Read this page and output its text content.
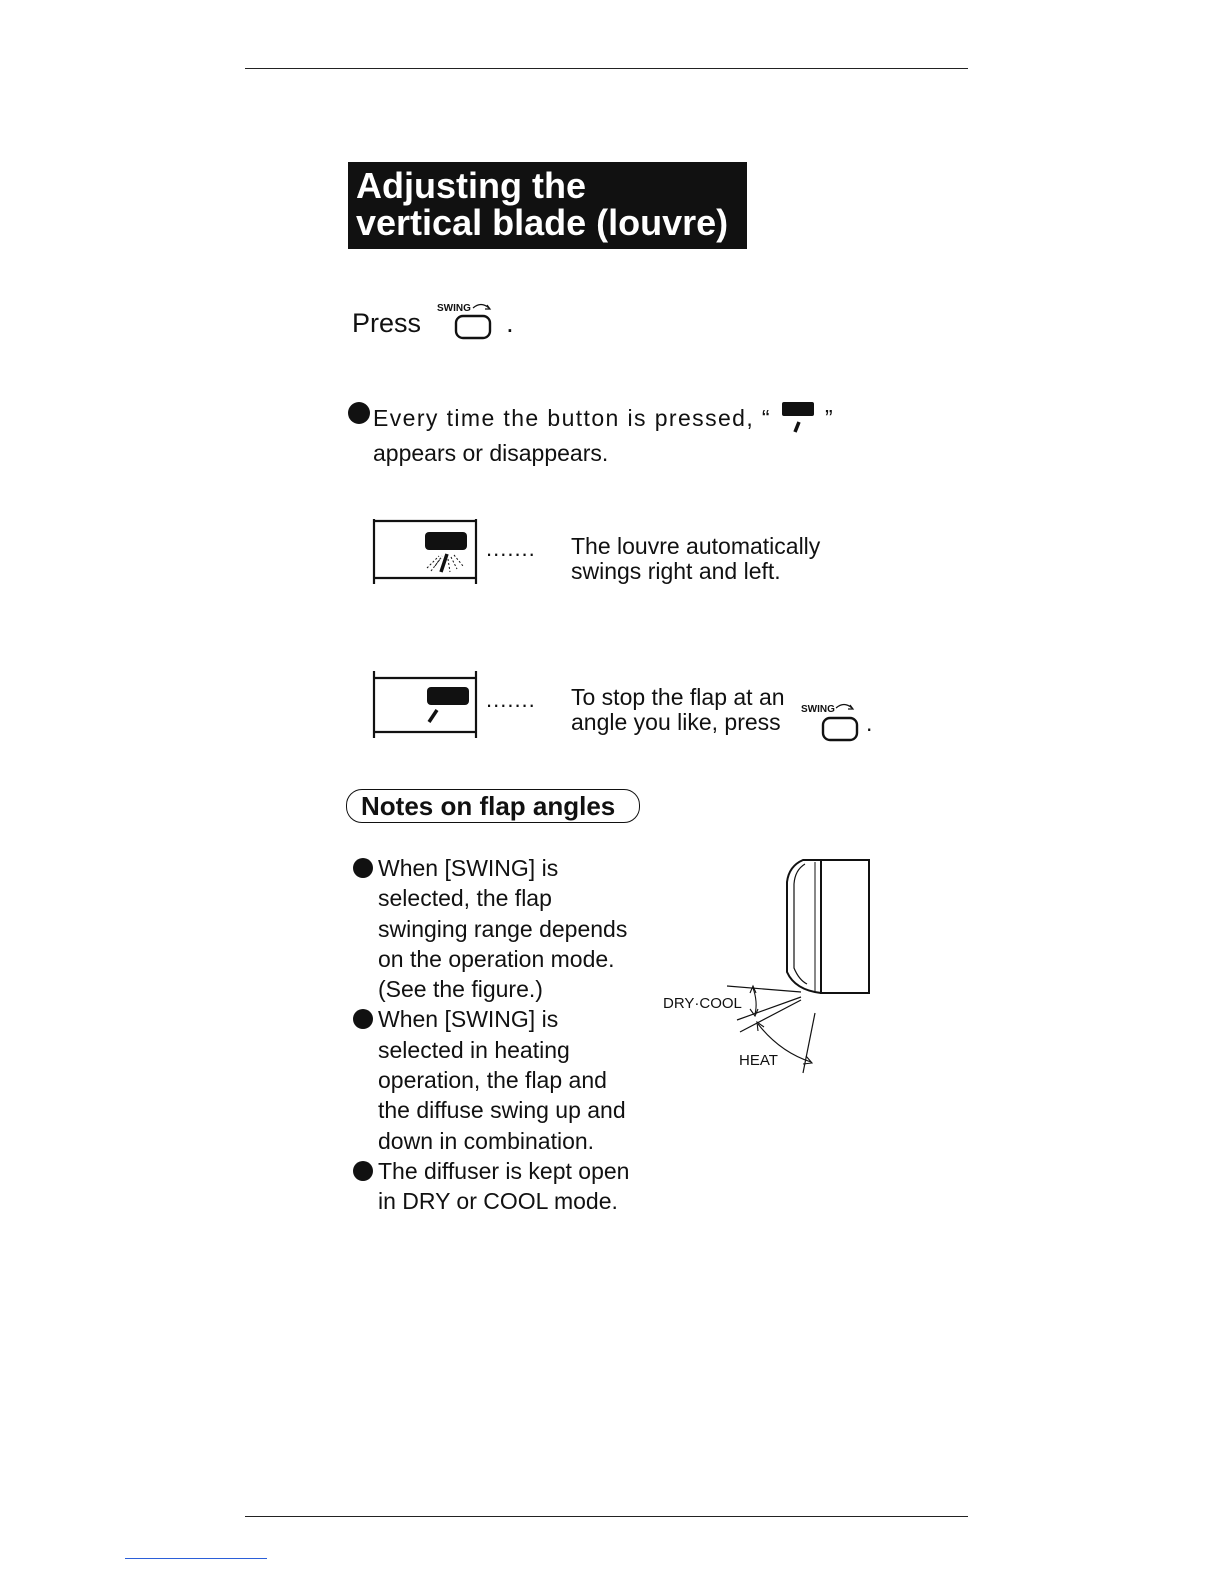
Adjusting the
vertical blade (louvre)
Press SWING .
Every time the button is pressed, “ ”
appears or disappears.
....... The louvre automatically
swings right and left.
....... To stop the flap at an
angle you like, press	SWING
.
Notes on flap angles
When [SWING] is
selected, the flap
swinging range depends
on the operation mode.
(See the figure.)
When [SWING] is
selected in heating
operation, the flap and
the diffuse swing up and
down in combination.
The diffuser is kept open
in DRY or COOL mode.
DRY·COOL
HEAT
